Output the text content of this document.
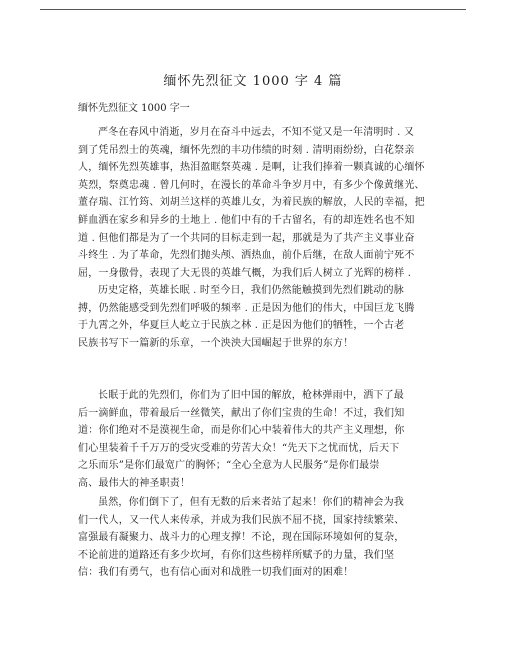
缅怀先烈征文 1000 字 4 篇
缅怀先烈征文 1000 字一
严冬在春风中消逝，岁月在奋斗中远去，不知不觉又是一年清明时 . 又
到了凭吊烈士的英魂，缅怀先烈的丰功伟绩的时刻 . 清明雨纷纷，白花祭亲
人，缅怀先烈英雄事，热泪盈眶祭英魂 . 是啊，让我们捧着一颗真诚的心缅怀
英烈，祭奠忠魂 . 曾几何时，在漫长的革命斗争岁月中，有多少个像黄继光、
董存瑞、江竹筠、刘胡兰这样的英雄儿女，为着民族的解放，人民的幸福，把
鲜血洒在家乡和异乡的土地上 . 他们中有的千古留名，有的却连姓名也不知
道 . 但他们都是为了一个共同的目标走到一起，那就是为了共产主义事业奋
斗终生 . 为了革命，先烈们抛头颅、洒热血，前仆后继，在敌人面前宁死不
屈，一身傲骨，表现了大无畏的英雄气概，为我们后人树立了光辉的榜样 .
历史定格，英雄长眠 . 时至今日，我们仍然能触摸到先烈们跳动的脉
搏，仍然能感受到先烈们呼吸的频率 . 正是因为他们的伟大，中国巨龙飞腾
于九霄之外，华夏巨人屹立于民族之林 . 正是因为他们的牺牲，一个古老
民族书写下一篇新的乐章，一个泱泱大国崛起于世界的东方！
长眠于此的先烈们，你们为了旧中国的解放，枪林弹雨中，洒下了最
后一滴鲜血，带着最后一丝微笑，献出了你们宝贵的生命！不过，我们知
道：你们绝对不是漠视生命，而是你们心中装着伟大的共产主义理想，你
们心里装着千千万万的受灾受难的劳苦大众！“先天下之忧而忧，后天下
之乐而乐”是你们最宽广的胸怀；“全心全意为人民服务”是你们最崇
高、最伟大的神圣职责！
虽然，你们倒下了，但有无数的后来者站了起来！你们的精神会为我
们一代人，又一代人来传承，并成为我们民族不屈不挠，国家持续繁荣、
富强最有凝聚力、战斗力的心理支撑！不论，现在国际环境如何的复杂，
不论前进的道路还有多少坎坷，有你们这些榜样所赋予的力量，我们坚
信：我们有勇气，也有信心面对和战胜一切我们面对的困难！
